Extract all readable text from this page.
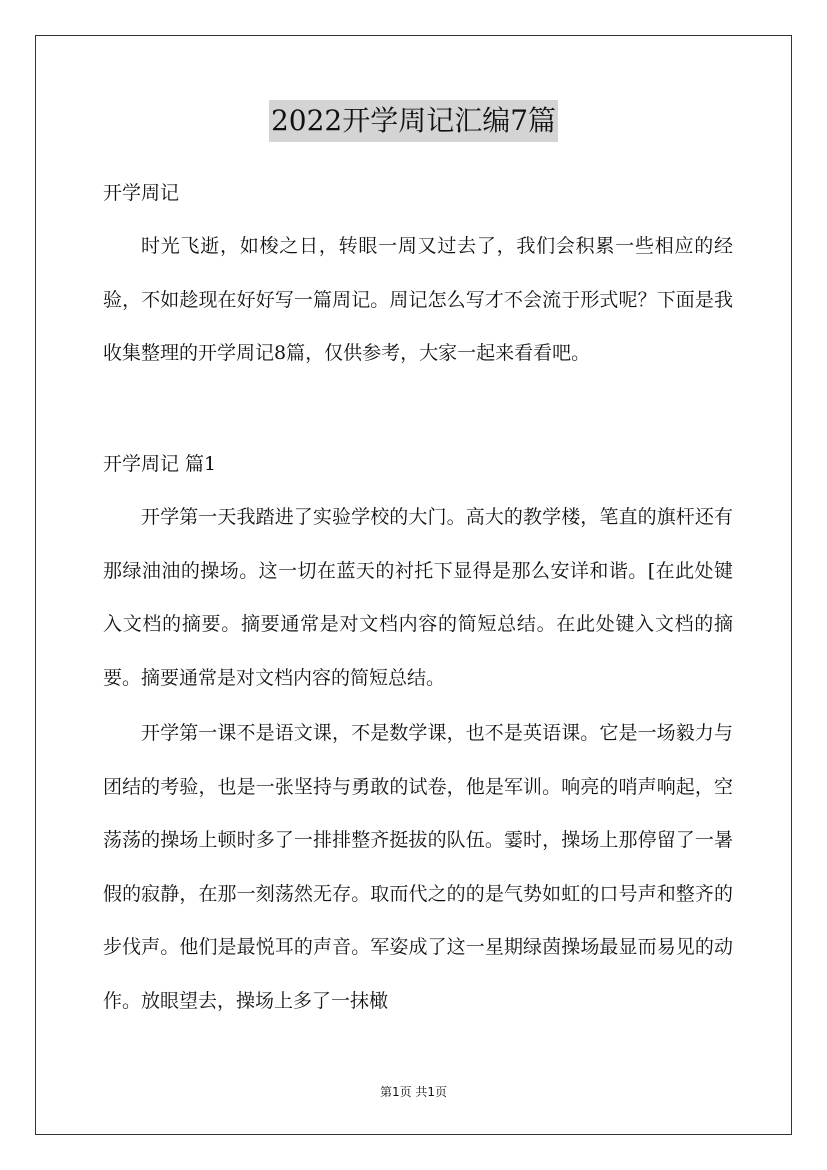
2022开学周记汇编7篇
开学周记
时光飞逝，如梭之日，转眼一周又过去了，我们会积累一些相应的经验，不如趁现在好好写一篇周记。周记怎么写才不会流于形式呢？下面是我收集整理的开学周记8篇，仅供参考，大家一起来看看吧。
开学周记 篇1
开学第一天我踏进了实验学校的大门。高大的教学楼，笔直的旗杆还有那绿油油的操场。这一切在蓝天的衬托下显得是那么安详和谐。[在此处键入文档的摘要。摘要通常是对文档内容的简短总结。在此处键入文档的摘要。摘要通常是对文档内容的简短总结。
开学第一课不是语文课，不是数学课，也不是英语课。它是一场毅力与团结的考验，也是一张坚持与勇敢的试卷，他是军训。响亮的哨声响起，空荡荡的操场上顿时多了一排排整齐挺拔的队伍。霎时，操场上那停留了一暑假的寂静，在那一刻荡然无存。取而代之的的是气势如虹的口号声和整齐的步伐声。他们是最悦耳的声音。军姿成了这一星期绿茵操场最显而易见的动作。放眼望去，操场上多了一抹橄
第1页 共1页
